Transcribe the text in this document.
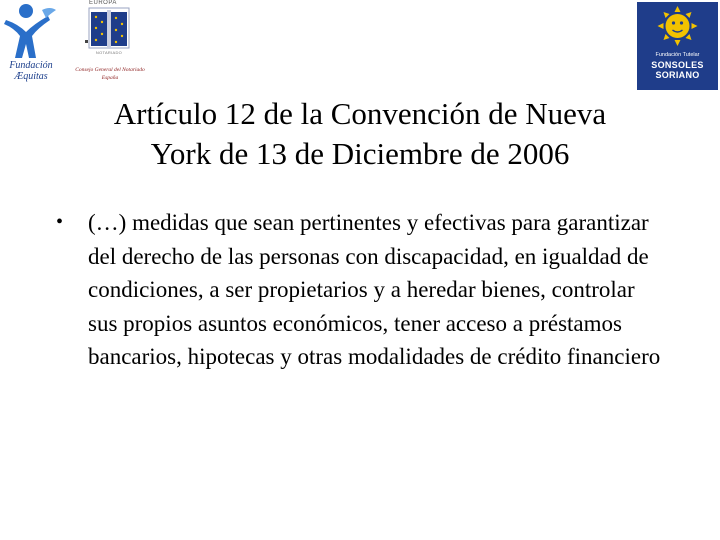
Fundación
Æquitas
EUROPA
NOTARIADO
Consejo General del Notariado
España
Fundación Tutelar
SONSOLES
SORIANO
Artículo 12 de la Convención de Nueva
York de 13 de Diciembre de 2006
• (…) medidas que sean pertinentes y efectivas para garantizar del derecho de las personas con discapacidad, en igualdad de condiciones, a ser propietarios y a heredar bienes, controlar sus propios asuntos económicos, tener acceso a préstamos bancarios, hipotecas y otras modalidades de crédito financiero
